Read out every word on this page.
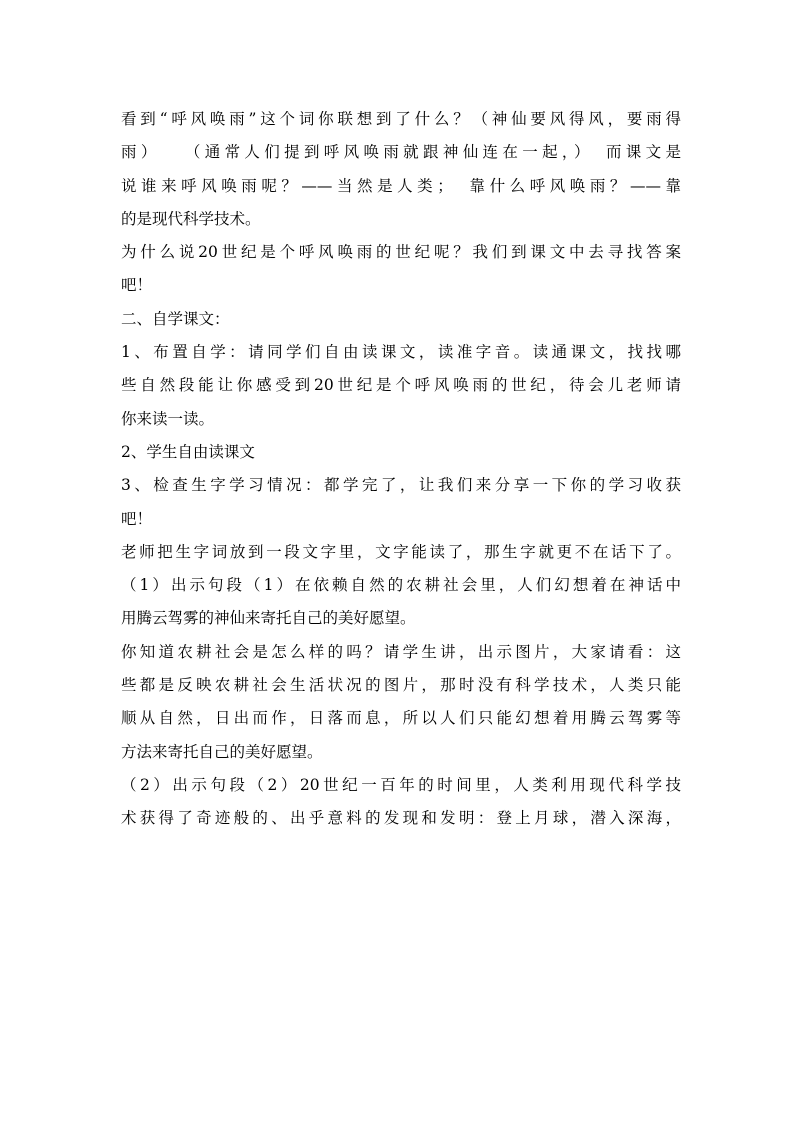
看到“呼风唤雨”这个词你联想到了什么？（神仙要风得风，要雨得
雨）　　（通常人们提到呼风唤雨就跟神仙连在一起，）　而课文是
说谁来呼风唤雨呢？——当然是人类；　靠什么呼风唤雨？——靠
的是现代科学技术。
为什么说20世纪是个呼风唤雨的世纪呢？我们到课文中去寻找答案
吧！
二、自学课文：
1、布置自学：请同学们自由读课文，读准字音。读通课文，找找哪
些自然段能让你感受到20世纪是个呼风唤雨的世纪，待会儿老师请
你来读一读。
2、学生自由读课文
3、检查生字学习情况：都学完了，让我们来分享一下你的学习收获
吧！
老师把生字词放到一段文字里，文字能读了，那生字就更不在话下了。
（1）出示句段（1）在依赖自然的农耕社会里，人们幻想着在神话中
用腾云驾雾的神仙来寄托自己的美好愿望。
你知道农耕社会是怎么样的吗？请学生讲，出示图片，大家请看：这
些都是反映农耕社会生活状况的图片，那时没有科学技术，人类只能
顺从自然，日出而作，日落而息，所以人们只能幻想着用腾云驾雾等
方法来寄托自己的美好愿望。
（2）出示句段（2）20世纪一百年的时间里，人类利用现代科学技
术获得了奇迹般的、出乎意料的发现和发明：登上月球，潜入深海，
